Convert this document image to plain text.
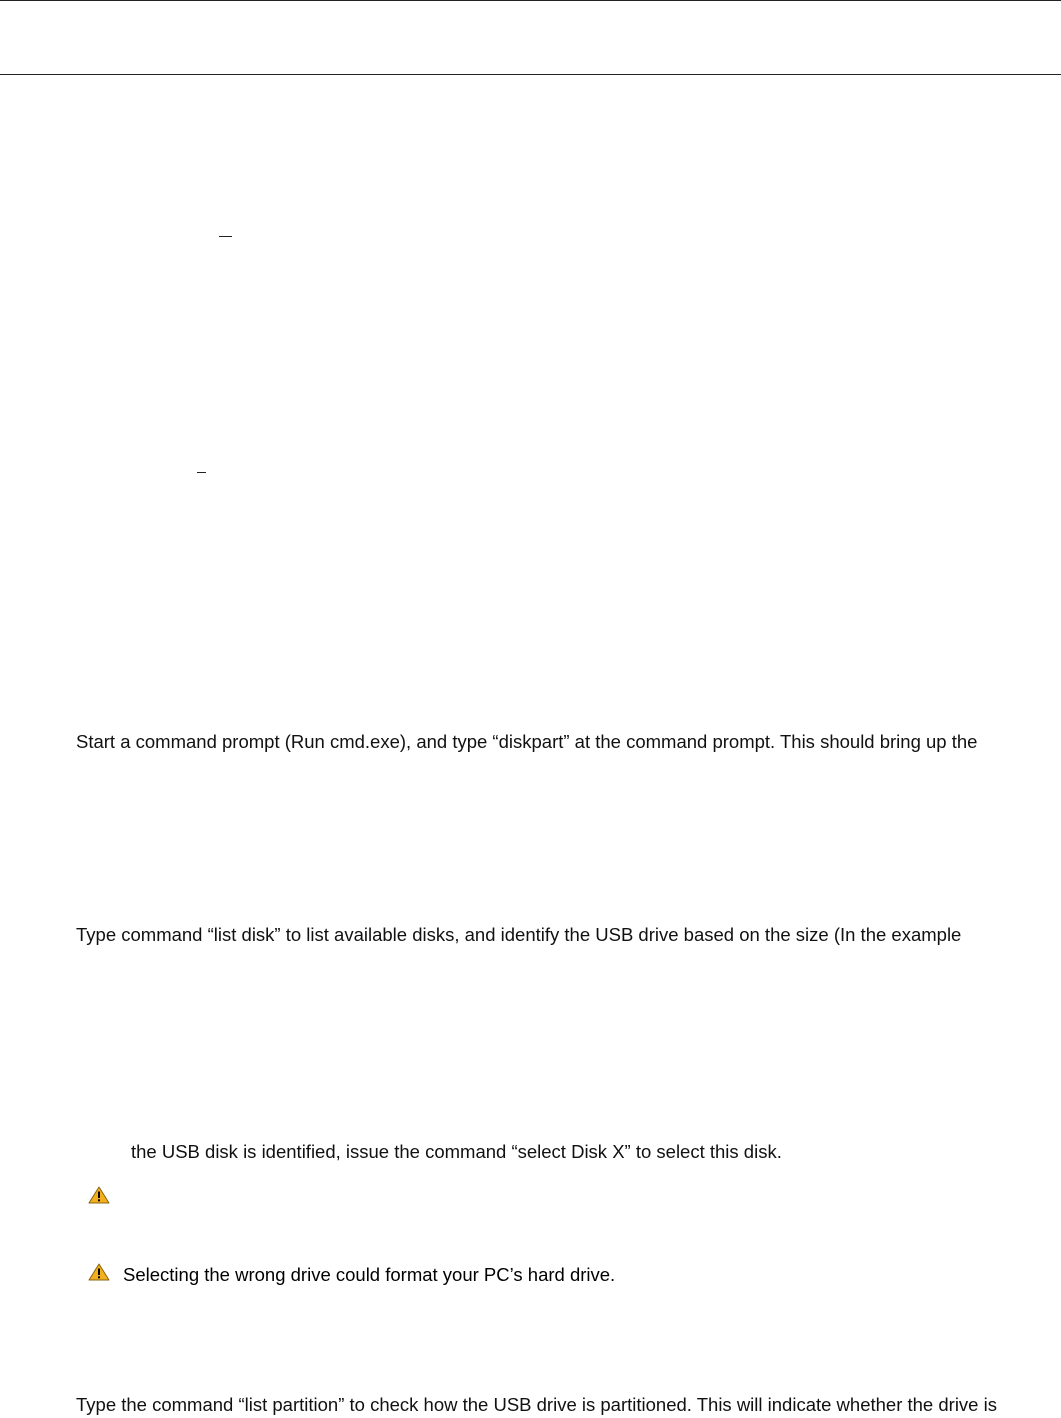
Start a command prompt (Run cmd.exe), and type “diskpart” at the command prompt. This should bring up the
Type command “list disk” to list available disks, and identify the USB drive based on the size (In the example
the USB disk is identified, issue the command “select Disk X” to select this disk.
Selecting the wrong drive could format your PC’s hard drive.
Type the command “list partition” to check how the USB drive is partitioned. This will indicate whether the drive is
